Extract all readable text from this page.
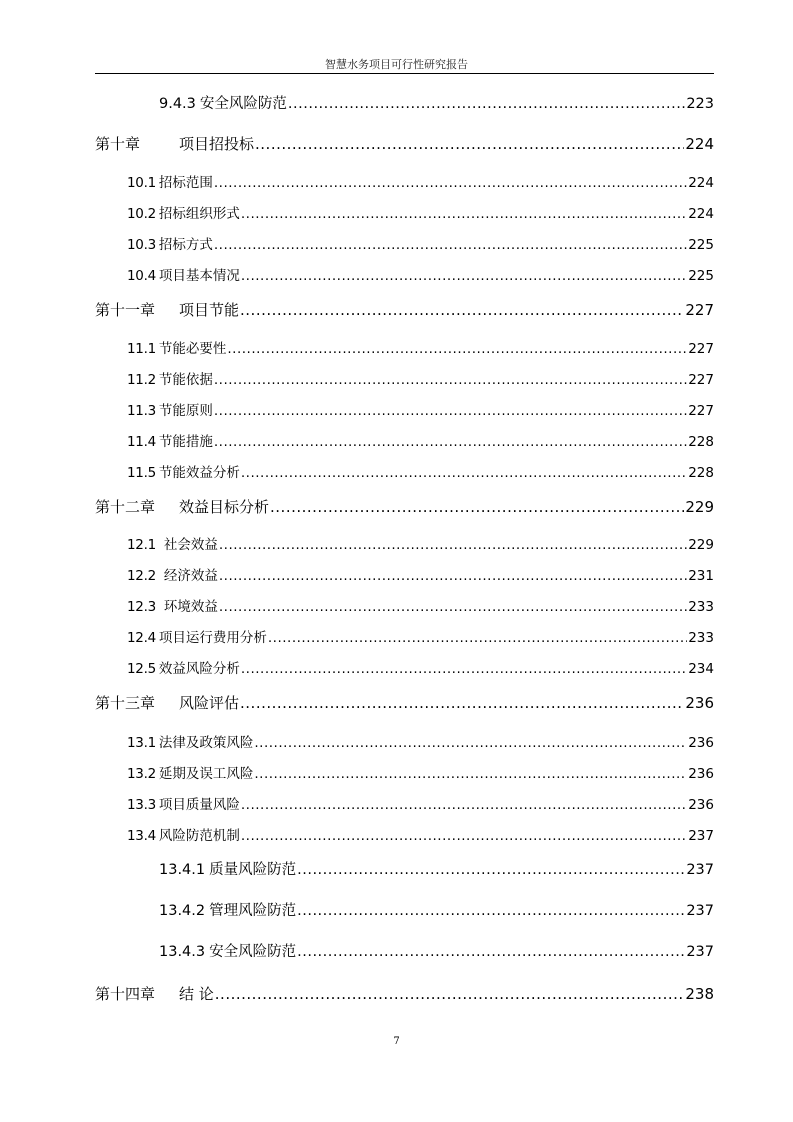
智慧水务项目可行性研究报告
9.4.3 安全风险防范 .....	223
第十章	项目招投标 .....	224
10.1 招标范围 .....	224
10.2 招标组织形式 .....	224
10.3 招标方式 .....	225
10.4 项目基本情况 .....	225
第十一章 项目节能 .....	227
11.1 节能必要性 .....	227
11.2 节能依据 .....	227
11.3 节能原则 .....	227
11.4 节能措施 .....	228
11.5 节能效益分析 .....	228
第十二章 效益目标分析 .....	229
12.1 社会效益 .....	229
12.2 经济效益 .....	231
12.3 环境效益 .....	233
12.4 项目运行费用分析 .....	233
12.5 效益风险分析 .....	234
第十三章 风险评估 .....	236
13.1 法律及政策风险 .....	236
13.2 延期及误工风险 .....	236
13.3 项目质量风险 .....	236
13.4 风险防范机制 .....	237
13.4.1 质量风险防范 .....	237
13.4.2 管理风险防范 .....	237
13.4.3 安全风险防范 .....	237
第十四章 结 论 .....	238
7
